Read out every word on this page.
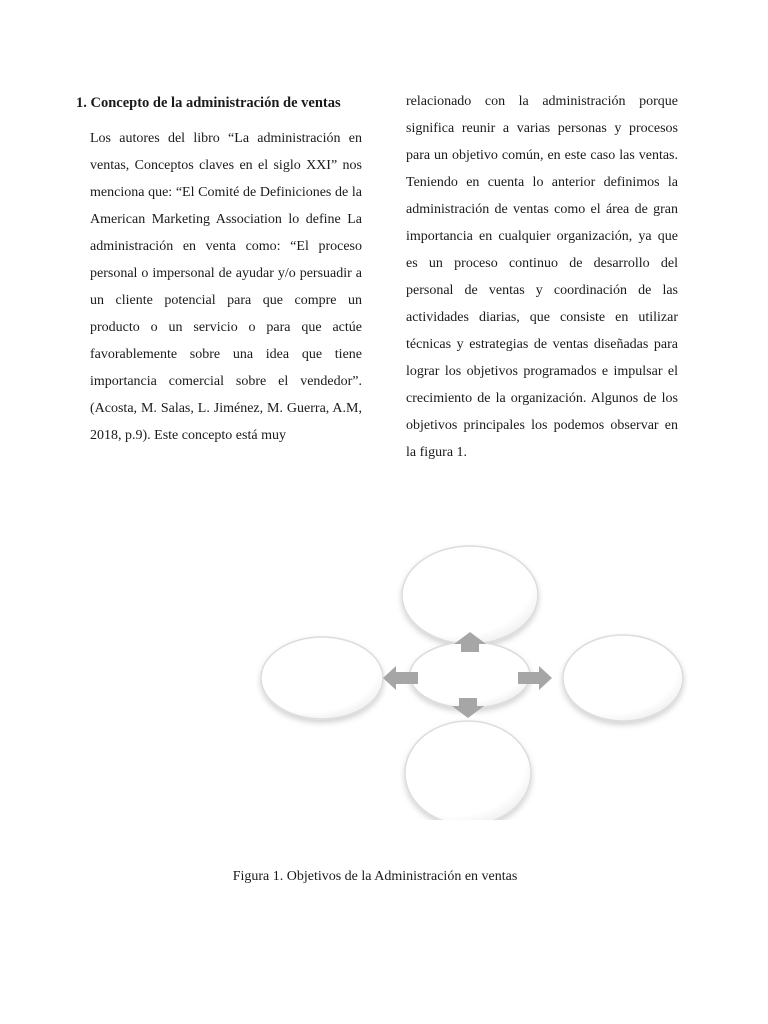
1. Concepto de la administración de ventas
Los autores del libro “La administración en ventas, Conceptos claves en el siglo XXI” nos menciona que: “El Comité de Definiciones de la American Marketing Association lo define La administración en venta como: “El proceso personal o impersonal de ayudar y/o persuadir a un cliente potencial para que compre un producto o un servicio o para que actúe favorablemente sobre una idea que tiene importancia comercial sobre el vendedor”. (Acosta, M. Salas, L. Jiménez, M. Guerra, A.M, 2018, p.9). Este concepto está muy
relacionado con la administración porque significa reunir a varias personas y procesos para un objetivo común, en este caso las ventas. Teniendo en cuenta lo anterior definimos la administración de ventas como el área de gran importancia en cualquier organización, ya que es un proceso continuo de desarrollo del personal de ventas y coordinación de las actividades diarias, que consiste en utilizar técnicas y estrategias de ventas diseñadas para lograr los objetivos programados e impulsar el crecimiento de la organización. Algunos de los objetivos principales los podemos observar en la figura 1.
Figura 1. Objetivos de la Administración en ventas
